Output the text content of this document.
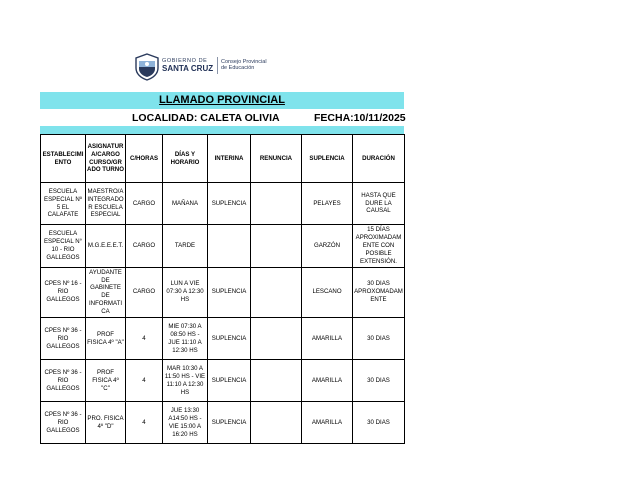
GOBIERNO DE
SANTA CRUZ
Consejo Provincial
de Educación
LLAMADO PROVINCIAL
LOCALIDAD: CALETA OLIVIA	FECHA:10/11/2025
ESTABLECIMIENTO	ASIGNATURA/CARGO CURSO/GRADO TURNO	C/HORAS	DÍAS Y HORARIO	INTERINA	RENUNCIA	SUPLENCIA	DURACIÓN
ESCUELA ESPECIAL Nº 5 EL CALAFATE	MAESTRO/A INTEGRADOR ESCUELA ESPECIAL	CARGO	MAÑANA	SUPLENCIA		PELAYES	HASTA QUE DURE LA CAUSAL
ESCUELA ESPECIAL N° 10 - RIO GALLEGOS	M.G.E.E.E.T.	CARGO	TARDE			GARZÓN	15 DÍAS APROXIMADAMENTE CON POSIBLE EXTENSIÓN.
CPES Nº 16 - RIO GALLEGOS	AYUDANTE DE GABINETE DE INFORMATICA	CARGO	LUN A VIE 07:30 A 12:30 HS	SUPLENCIA		LESCANO	30 DIAS APROXOMADAMENTE
CPES Nº 36 - RIO GALLEGOS	PROF FISICA 4º "A"	4	MIE 07:30 A 08:50 HS - JUE 11:10 A 12:30 HS	SUPLENCIA		AMARILLA	30 DIAS
CPES Nº 36 - RIO GALLEGOS	PROF FISICA 4º "C"	4	MAR 10:30 A 11:50 HS - VIE 11:10 A 12:30 HS	SUPLENCIA		AMARILLA	30 DIAS
CPES Nº 36 - RIO GALLEGOS	PRO. FISICA 4º "D"	4	JUE 13:30 A14:50 HS - VIE 15:00 A 16:20 HS	SUPLENCIA		AMARILLA	30 DIAS
